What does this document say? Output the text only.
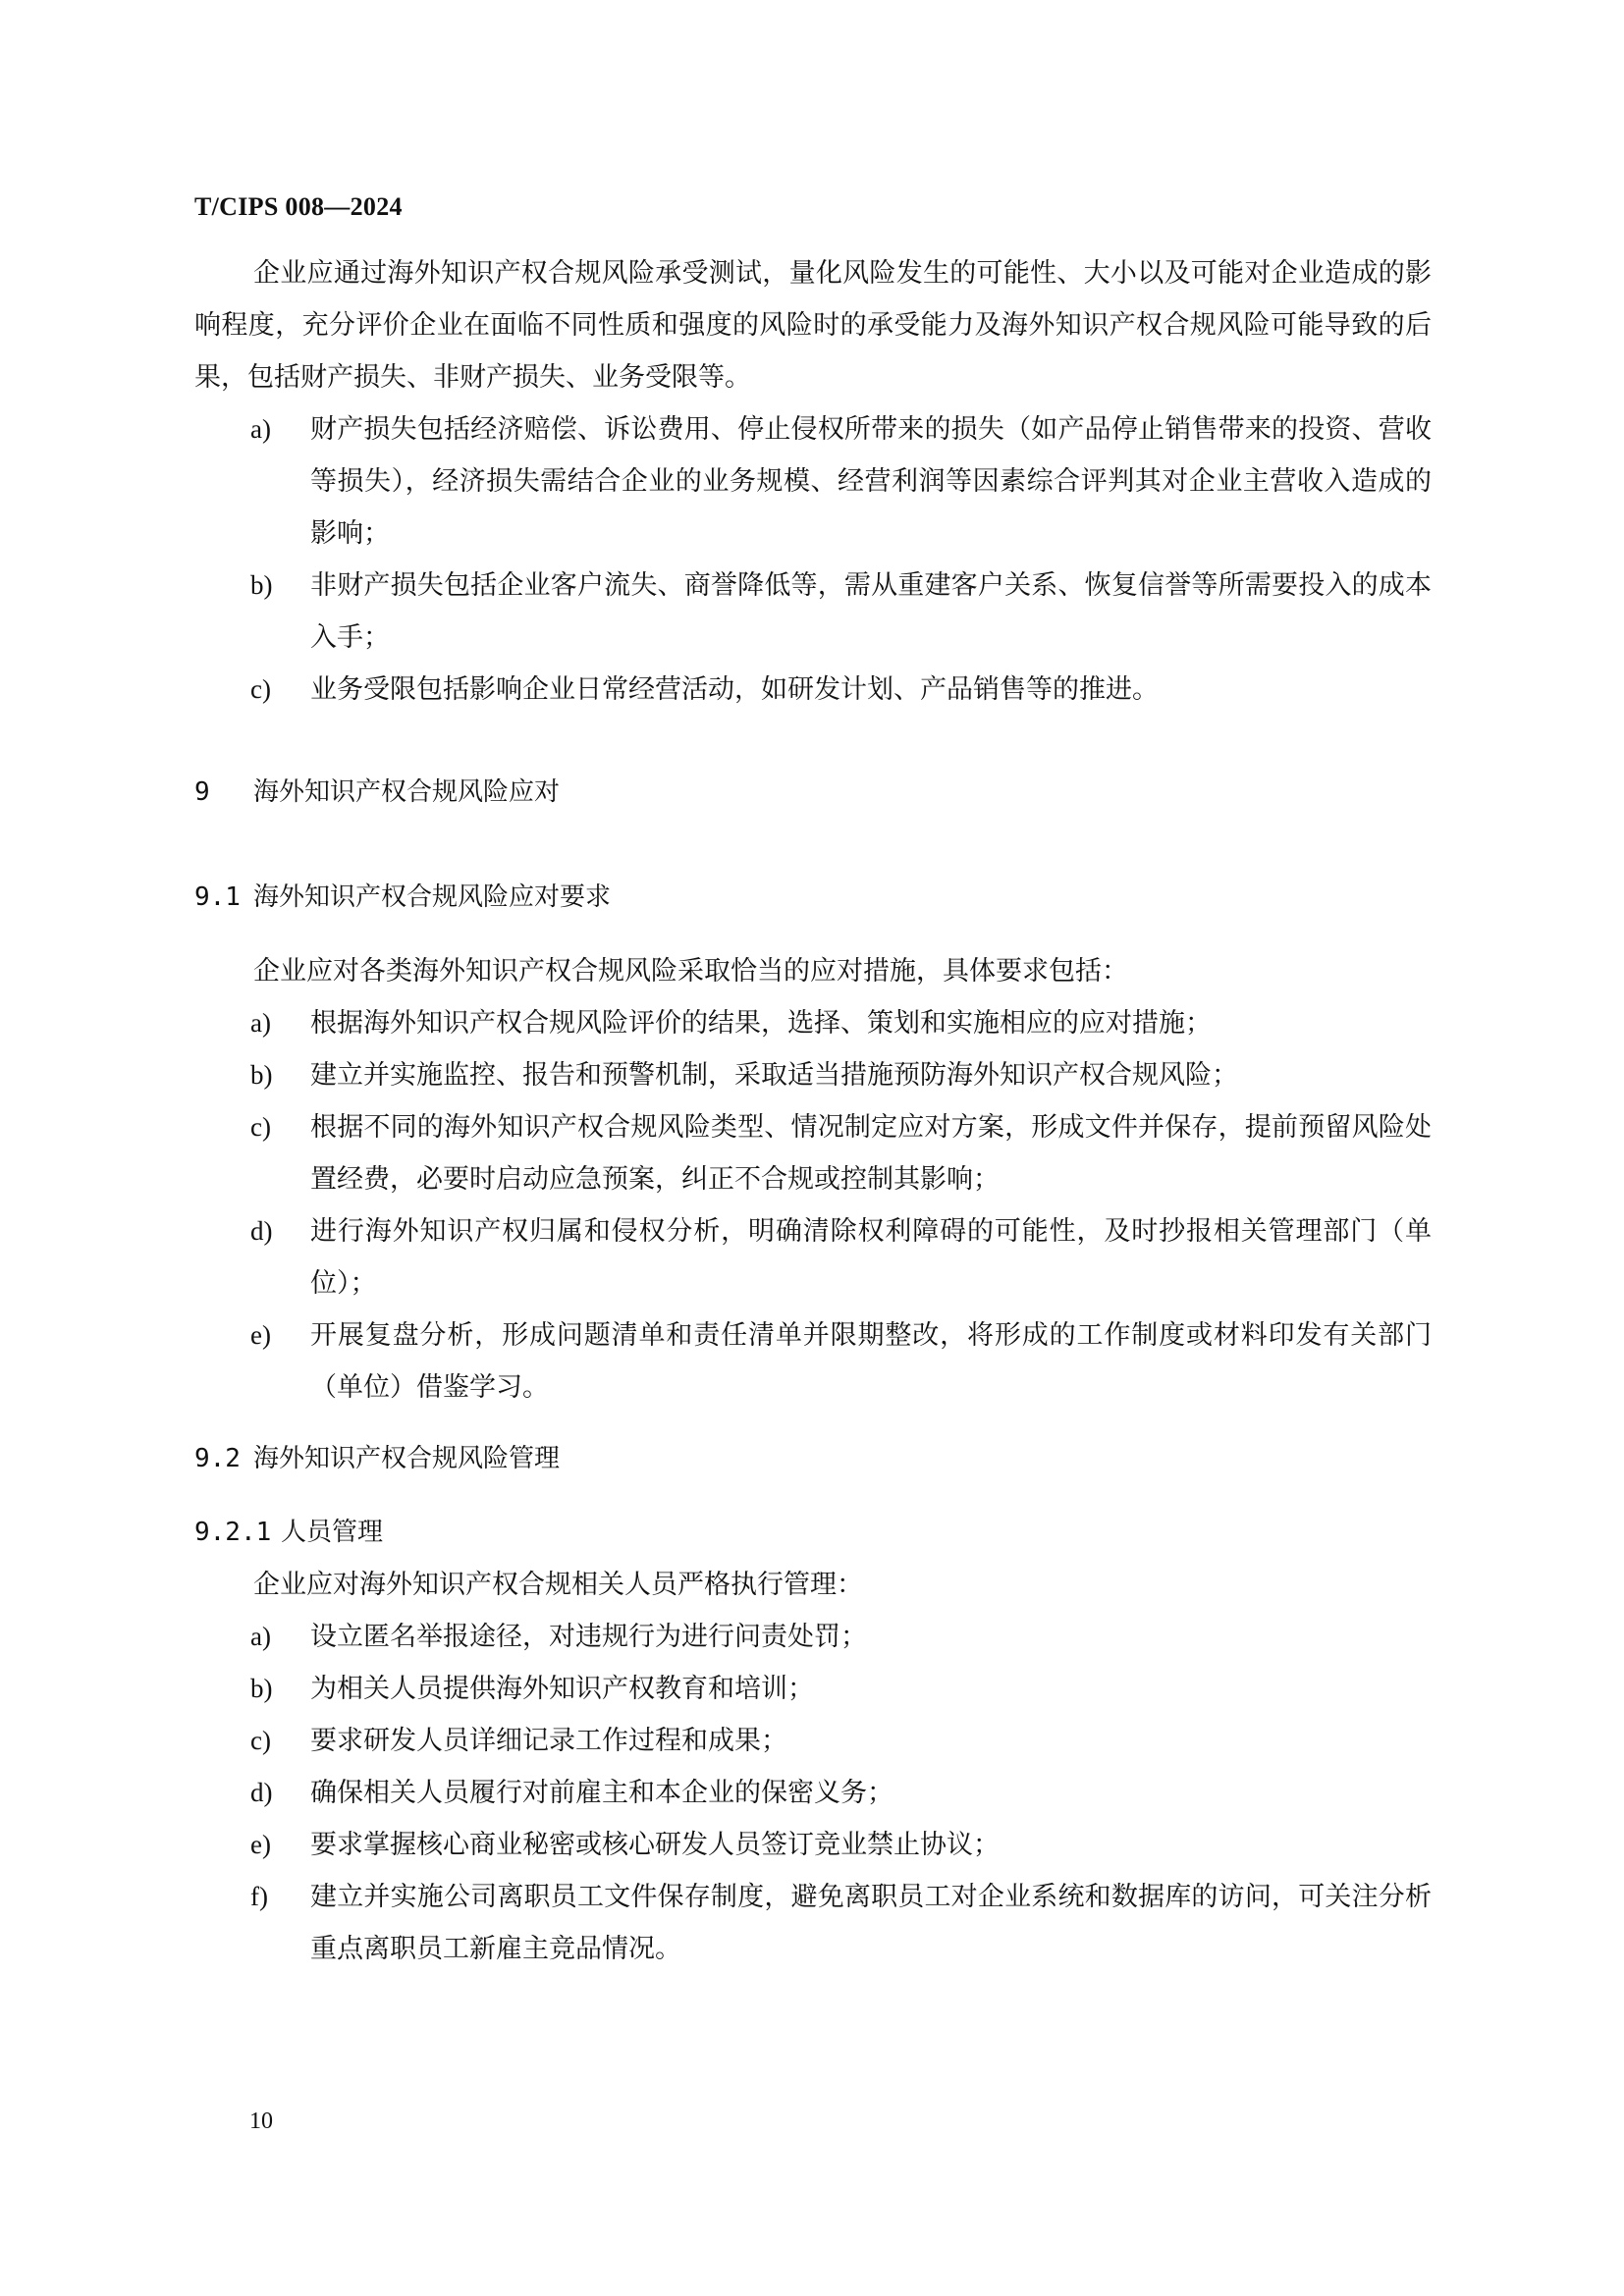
T/CIPS 008—2024

企业应通过海外知识产权合规风险承受测试，量化风险发生的可能性、大小以及可能对企业造成的影响程度，充分评价企业在面临不同性质和强度的风险时的承受能力及海外知识产权合规风险可能导致的后果，包括财产损失、非财产损失、业务受限等。

a) 财产损失包括经济赔偿、诉讼费用、停止侵权所带来的损失（如产品停止销售带来的投资、营收等损失），经济损失需结合企业的业务规模、经营利润等因素综合评判其对企业主营收入造成的影响；
b) 非财产损失包括企业客户流失、商誉降低等，需从重建客户关系、恢复信誉等所需要投入的成本入手；
c) 业务受限包括影响企业日常经营活动，如研发计划、产品销售等的推进。
9 海外知识产权合规风险应对
9.1 海外知识产权合规风险应对要求

企业应对各类海外知识产权合规风险采取恰当的应对措施，具体要求包括：

a) 根据海外知识产权合规风险评价的结果，选择、策划和实施相应的应对措施；
b) 建立并实施监控、报告和预警机制，采取适当措施预防海外知识产权合规风险；
c) 根据不同的海外知识产权合规风险类型、情况制定应对方案，形成文件并保存，提前预留风险处置经费，必要时启动应急预案，纠正不合规或控制其影响；
d) 进行海外知识产权归属和侵权分析，明确清除权利障碍的可能性，及时抄报相关管理部门（单位）；
e) 开展复盘分析，形成问题清单和责任清单并限期整改，将形成的工作制度或材料印发有关部门（单位）借鉴学习。
9.2 海外知识产权合规风险管理
9.2.1 人员管理

企业应对海外知识产权合规相关人员严格执行管理：

a) 设立匿名举报途径，对违规行为进行问责处罚；
b) 为相关人员提供海外知识产权教育和培训；
c) 要求研发人员详细记录工作过程和成果；
d) 确保相关人员履行对前雇主和本企业的保密义务；
e) 要求掌握核心商业秘密或核心研发人员签订竞业禁止协议；
f) 建立并实施公司离职员工文件保存制度，避免离职员工对企业系统和数据库的访问，可关注分析重点离职员工新雇主竞品情况。
10
